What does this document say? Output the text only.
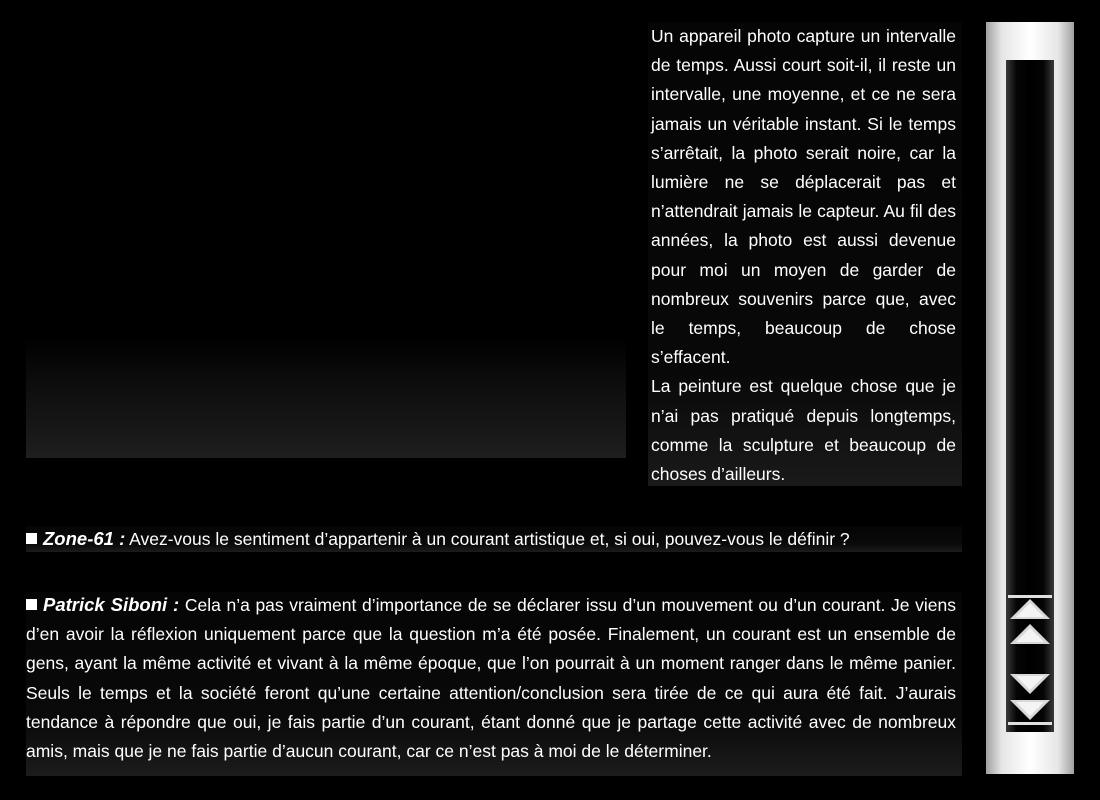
Un appareil photo capture un intervalle de temps. Aussi court soit-il, il reste un intervalle, une moyenne, et ce ne sera jamais un véritable instant. Si le temps s’arrêtait, la photo serait noire, car la lumière ne se déplacerait pas et n’attendrait jamais le capteur. Au fil des années, la photo est aussi devenue pour moi un moyen de garder de nombreux souvenirs parce que, avec le temps, beaucoup de chose s’effacent.

La peinture est quelque chose que je n’ai pas pratiqué depuis longtemps, comme la sculpture et beaucoup de choses d’ailleurs.

Zone-61 : Avez-vous le sentiment d’appartenir à un courant artistique et, si oui, pouvez-vous le définir ?

Patrick Siboni : Cela n’a pas vraiment d’importance de se déclarer issu d’un mouvement ou d’un courant. Je viens d’en avoir la réflexion uniquement parce que la question m’a été posée. Finalement, un courant est un ensemble de gens, ayant la même activité et vivant à la même époque, que l’on pourrait à un moment ranger dans le même panier. Seuls le temps et la société feront qu’une certaine attention/conclusion sera tirée de ce qui aura été fait. J’aurais tendance à répondre que oui, je fais partie d’un courant, étant donné que je partage cette activité avec de nombreux amis, mais que je ne fais partie d’aucun courant, car ce n’est pas à moi de le déterminer.
